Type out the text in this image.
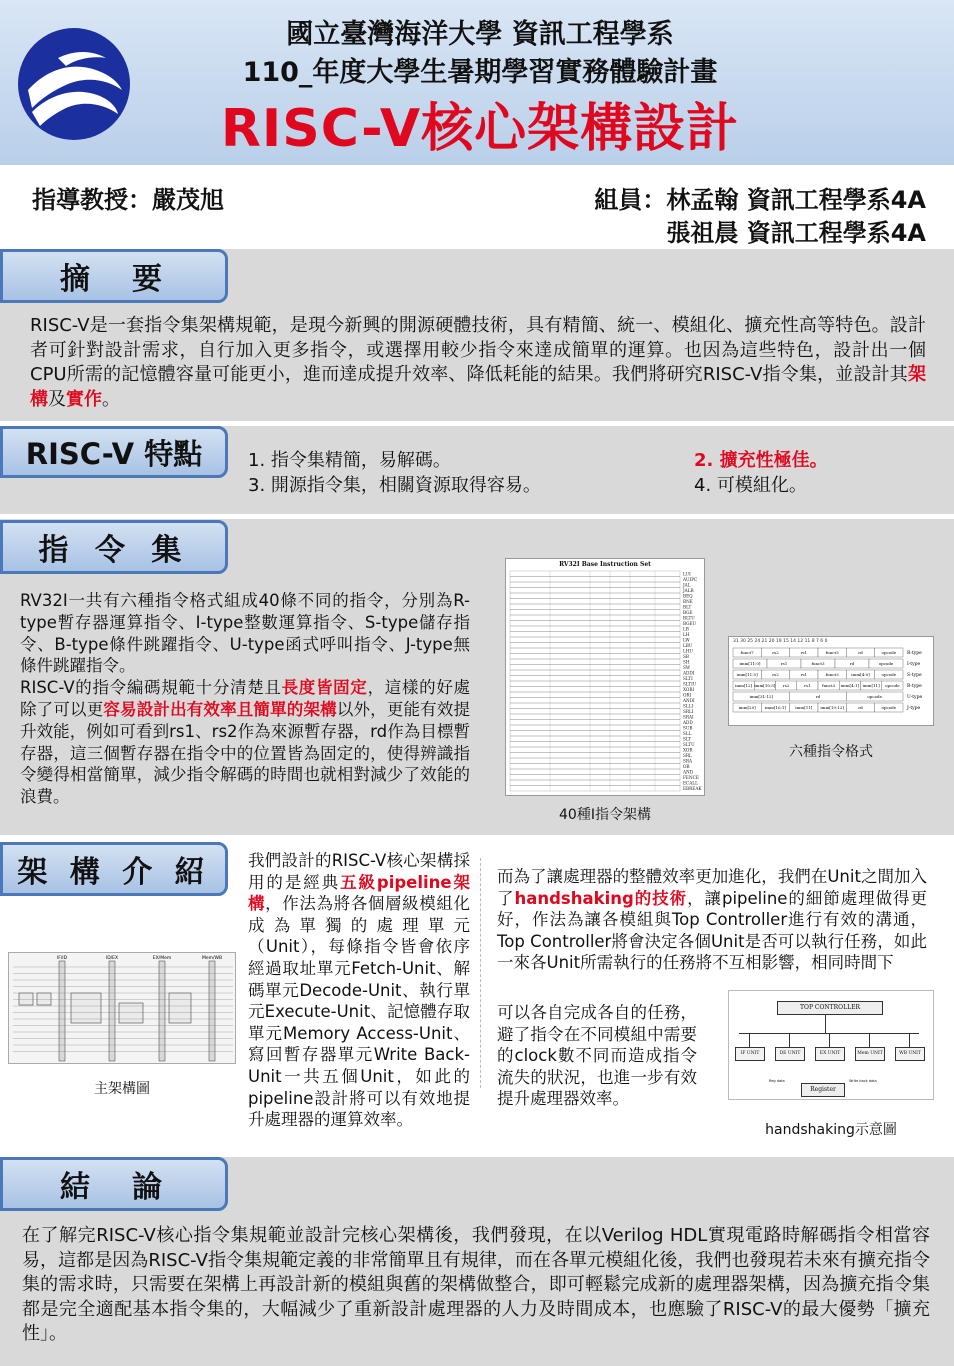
國立臺灣海洋大學 資訊工程學系
110_年度大學生暑期學習實務體驗計畫
RISC-V核心架構設計
指導教授：嚴茂旭	組員：林孟翰 資訊工程學系4A
張祖晨 資訊工程學系4A
摘　要
RISC-V是一套指令集架構規範，是現今新興的開源硬體技術，具有精簡、統一、模組化、擴充性高等特色。設計者可針對設計需求，自行加入更多指令，或選擇用較少指令來達成簡單的運算。也因為這些特色，設計出一個CPU所需的記憶體容量可能更小，進而達成提升效率、降低耗能的結果。我們將研究RISC-V指令集，並設計其架構及實作。
RISC-V 特點	1. 指令集精簡，易解碼。	2. 擴充性極佳。
3. 開源指令集，相關資源取得容易。	4. 可模組化。
指 令 集
RV32I一共有六種指令格式組成40條不同的指令，分別為R-type暫存器運算指令、I-type整數運算指令、S-type儲存指令、B-type條件跳躍指令、U-type函式呼叫指令、J-type無條件跳躍指令。
RISC-V的指令編碼規範十分清楚且長度皆固定，這樣的好處除了可以更容易設計出有效率且簡單的架構以外，更能有效提升效能，例如可看到rs1、rs2作為來源暫存器，rd作為目標暫存器，這三個暫存器在指令中的位置皆為固定的，使得辨識指令變得相當簡單，減少指令解碼的時間也就相對減少了效能的浪費。
RV32I Base Instruction Set
LUI
AUIPC
JAL
JALR
BEQ
BNE
BLT
BGE
BLTU
BGEU
LB
LH
LW
LBU
LHU
SB
SH
SW
ADDI
SLTI
SLTIU
XORI
ORI
ANDI
SLLI
SRLI
SRAI
ADD
SUB
SLL
SLT
SLTU
XOR
SRL
SRA
OR
AND
FENCE
ECALL
EBREAK
40種I指令架構
31 30 25 24 21 20 19 15 14 12 11 8 7 6 0
funct7	rs2	rs1	funct3	rd	opcode R-type
imm[11:0]	rs1	funct3	rd	opcode	I-type
imm[11:5]	rs2	rs1	funct3	imm[4:0]	opcode S-type
imm[12] imm[10:5] rs2	rs1	funct3 imm[4:1] imm[11] opcode B-type
imm[31:12]	rd	opcode	U-type
imm[20] imm[10:1] imm[11] imm[19:12]	rd	opcode J-type
六種指令格式
架 構 介 紹
IF/ID	ID/EX	EX/Mem	Mem/WB
主架構圖
我們設計的RISC-V核心架構採用的是經典五級pipeline架構，作法為將各個層級模組化成為單獨的處理單元（Unit），每條指令皆會依序經過取址單元Fetch-Unit、解碼單元Decode-Unit、執行單元Execute-Unit、記憶體存取單元Memory Access-Unit、寫回暫存器單元Write Back-Unit一共五個Unit，如此的pipeline設計將可以有效地提升處理器的運算效率。
而為了讓處理器的整體效率更加進化，我們在Unit之間加入了handshaking的技術，讓pipeline的細節處理做得更好，作法為讓各模組與Top Controller進行有效的溝通，Top Controller將會決定各個Unit是否可以執行任務，如此一來各Unit所需執行的任務將不互相影響，相同時間下
可以各自完成各自的任務，避了指令在不同模組中需要的clock數不同而造成指令流失的狀況，也進一步有效提升處理器效率。
TOP CONTROLLER
IF UNIT	DE UNIT	EX UNIT	Mem UNIT	WB UNIT
Register
Reg data	Write back data
handshaking示意圖
結　論
在了解完RISC-V核心指令集規範並設計完核心架構後，我們發現，在以Verilog HDL實現電路時解碼指令相當容易，這都是因為RISC-V指令集規範定義的非常簡單且有規律，而在各單元模組化後，我們也發現若未來有擴充指令集的需求時，只需要在架構上再設計新的模組與舊的架構做整合，即可輕鬆完成新的處理器架構，因為擴充指令集都是完全適配基本指令集的，大幅減少了重新設計處理器的人力及時間成本，也應驗了RISC-V的最大優勢「擴充性」。
